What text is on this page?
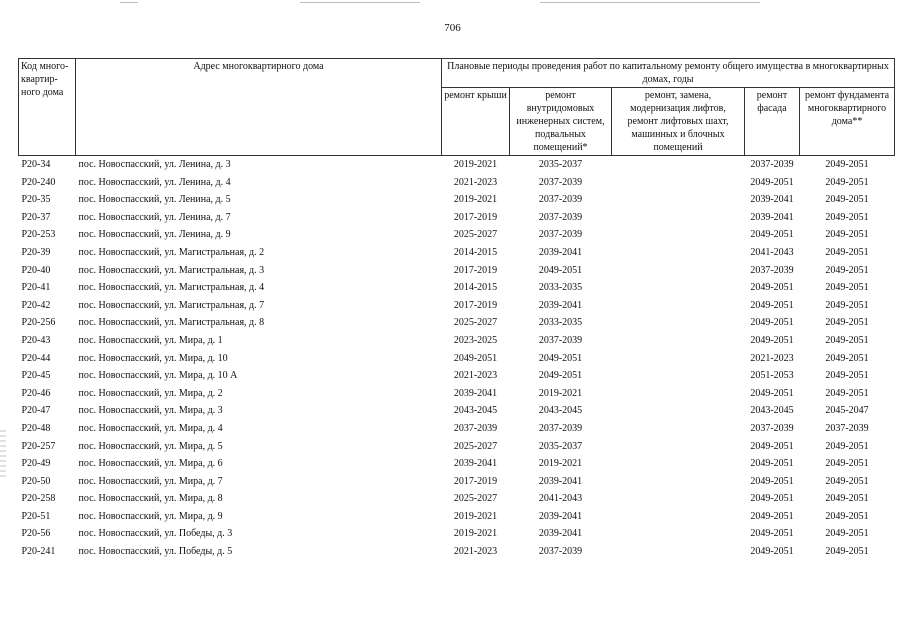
706
Код много-квартир-ного дома	Адрес многоквартирного дома	Плановые периоды проведения работ по капитальному ремонту общего имущества в многоквартирных домах, годы				
		ремонт крыши	ремонт внутридомовых инженерных систем, подвальных помещений*	ремонт, замена, модернизация лифтов, ремонт лифтовых шахт, машинных и блочных помещений	ремонт фасада	ремонт фундамента многоквартирного дома**
Р20-34	пос. Новоспасский, ул. Ленина, д. 3	2019-2021	2035-2037		2037-2039	2049-2051
Р20-240	пос. Новоспасский, ул. Ленина, д. 4	2021-2023	2037-2039		2049-2051	2049-2051
Р20-35	пос. Новоспасский, ул. Ленина, д. 5	2019-2021	2037-2039		2039-2041	2049-2051
Р20-37	пос. Новоспасский, ул. Ленина, д. 7	2017-2019	2037-2039		2039-2041	2049-2051
Р20-253	пос. Новоспасский, ул. Ленина, д. 9	2025-2027	2037-2039		2049-2051	2049-2051
Р20-39	пос. Новоспасский, ул. Магистральная, д. 2	2014-2015	2039-2041		2041-2043	2049-2051
Р20-40	пос. Новоспасский, ул. Магистральная, д. 3	2017-2019	2049-2051		2037-2039	2049-2051
Р20-41	пос. Новоспасский, ул. Магистральная, д. 4	2014-2015	2033-2035		2049-2051	2049-2051
Р20-42	пос. Новоспасский, ул. Магистральная, д. 7	2017-2019	2039-2041		2049-2051	2049-2051
Р20-256	пос. Новоспасский, ул. Магистральная, д. 8	2025-2027	2033-2035		2049-2051	2049-2051
Р20-43	пос. Новоспасский, ул. Мира, д. 1	2023-2025	2037-2039		2049-2051	2049-2051
Р20-44	пос. Новоспасский, ул. Мира, д. 10	2049-2051	2049-2051		2021-2023	2049-2051
Р20-45	пос. Новоспасский, ул. Мира, д. 10 А	2021-2023	2049-2051		2051-2053	2049-2051
Р20-46	пос. Новоспасский, ул. Мира, д. 2	2039-2041	2019-2021		2049-2051	2049-2051
Р20-47	пос. Новоспасский, ул. Мира, д. 3	2043-2045	2043-2045		2043-2045	2045-2047
Р20-48	пос. Новоспасский, ул. Мира, д. 4	2037-2039	2037-2039		2037-2039	2037-2039
Р20-257	пос. Новоспасский, ул. Мира, д. 5	2025-2027	2035-2037		2049-2051	2049-2051
Р20-49	пос. Новоспасский, ул. Мира, д. 6	2039-2041	2019-2021		2049-2051	2049-2051
Р20-50	пос. Новоспасский, ул. Мира, д. 7	2017-2019	2039-2041		2049-2051	2049-2051
Р20-258	пос. Новоспасский, ул. Мира, д. 8	2025-2027	2041-2043		2049-2051	2049-2051
Р20-51	пос. Новоспасский, ул. Мира, д. 9	2019-2021	2039-2041		2049-2051	2049-2051
Р20-56	пос. Новоспасский, ул. Победы, д. 3	2019-2021	2039-2041		2049-2051	2049-2051
Р20-241	пос. Новоспасский, ул. Победы, д. 5	2021-2023	2037-2039		2049-2051	2049-2051
